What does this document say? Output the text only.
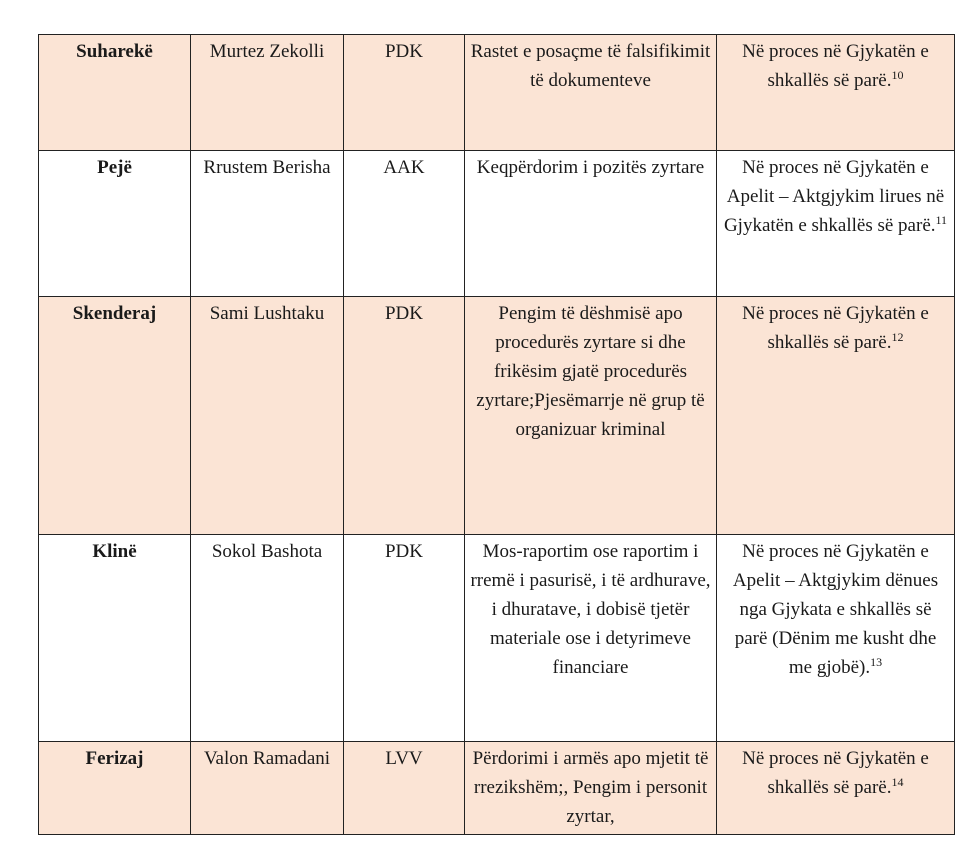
Suharekë	Murtez Zekolli	PDK	Rastet e posaçme të falsifikimit të dokumenteve	Në proces në Gjykatën e shkallës së parë.$^{10}$
Pejë	Rrustem Berisha	AAK	Keqpërdorim i pozitës zyrtare	Në proces në Gjykatën e Apelit – Aktgjykim lirues në Gjykatën e shkallës së parë.$^{11}$
Skenderaj	Sami Lushtaku	PDK	Pengim të dëshmisë apo procedurës zyrtare si dhe frikësim gjatë procedurës zyrtare;Pjesëmarrje në grup të organizuar kriminal	Në proces në Gjykatën e shkallës së parë.$^{12}$
Klinë	Sokol Bashota	PDK	Mos-raportim ose raportim i rremë i pasurisë, i të ardhurave, i dhuratave, i dobisë tjetër materiale ose i detyrimeve financiare	Në proces në Gjykatën e Apelit – Aktgjykim dënues nga Gjykata e shkallës së parë (Dënim me kusht dhe me gjobë).$^{13}$
Ferizaj	Valon Ramadani	LVV	Përdorimi i armës apo mjetit të rrezikshëm;, Pengim i personit zyrtar,	Në proces në Gjykatën e shkallës së parë.$^{14}$
